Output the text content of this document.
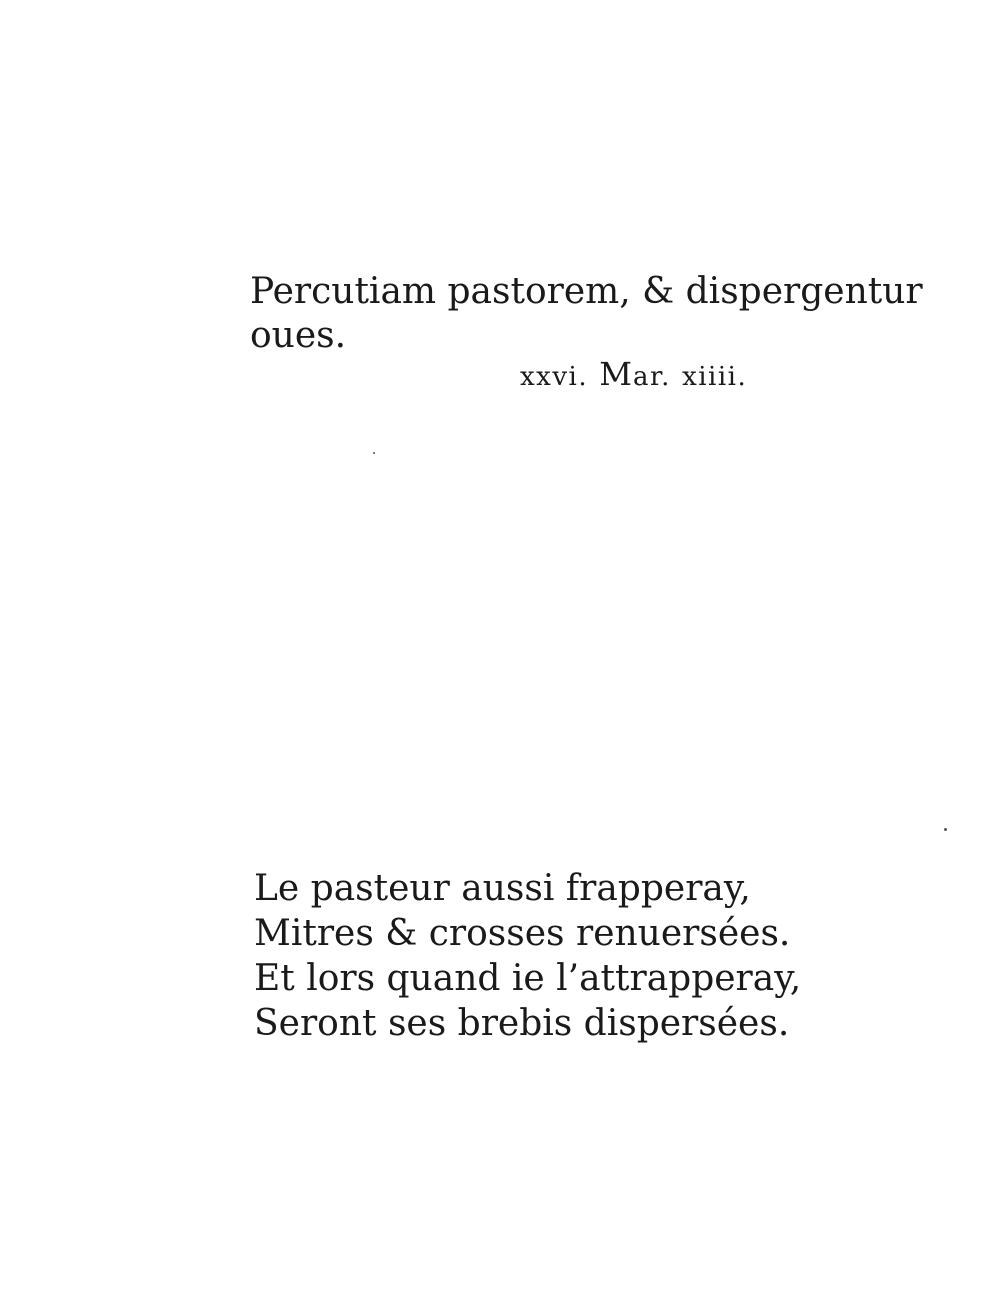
Percutiam pastorem, & dispergentur

oues.

xxvi. Mar. xiiii.

Le pasteur aussi frapperay,

Mitres & crosses renuersées.

Et lors quand ie l’attrapperay,

Seront ses brebis dispersées.
